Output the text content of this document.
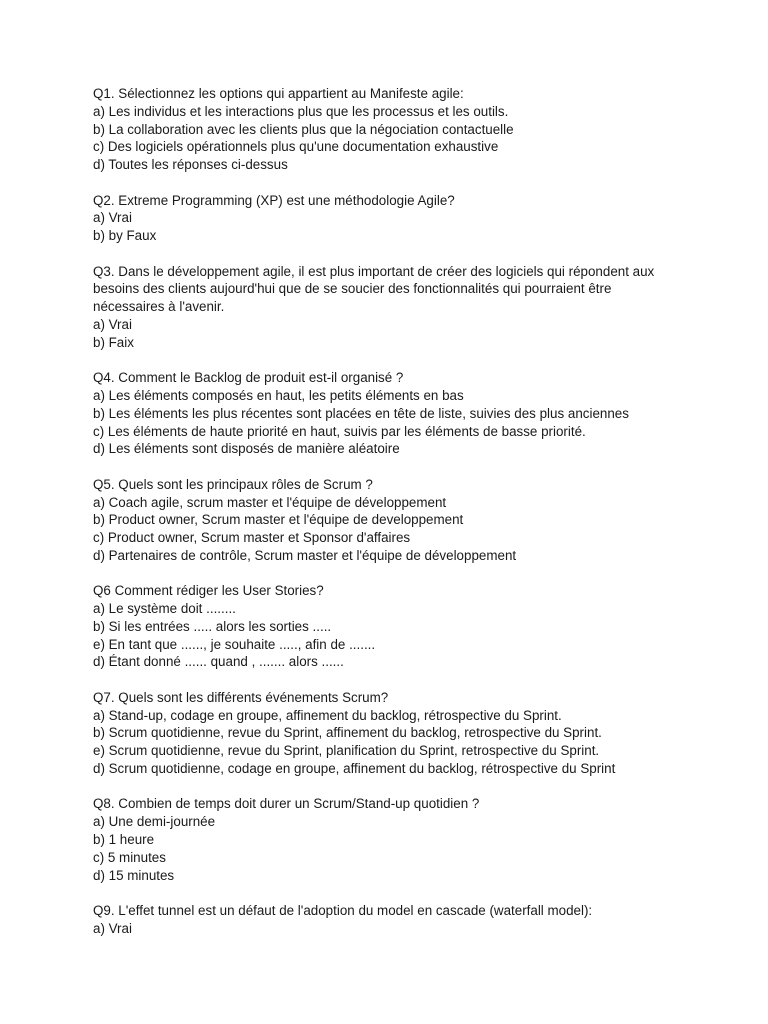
Q1. Sélectionnez les options qui appartient au Manifeste agile:
a) Les individus et les interactions plus que les processus et les outils.
b) La collaboration avec les clients plus que la négociation contactuelle
c) Des logiciels opérationnels plus qu'une documentation exhaustive
d) Toutes les réponses ci-dessus
Q2. Extreme Programming (XP) est une méthodologie Agile?
a) Vrai
b) by Faux
Q3. Dans le développement agile, il est plus important de créer des logiciels qui répondent aux besoins des clients aujourd'hui que de se soucier des fonctionnalités qui pourraient être nécessaires à l'avenir.
a) Vrai
b) Faix
Q4. Comment le Backlog de produit est-il organisé ?
a) Les éléments composés en haut, les petits éléments en bas
b) Les éléments les plus récentes sont placées en tête de liste, suivies des plus anciennes
c) Les éléments de haute priorité en haut, suivis par les éléments de basse priorité.
d) Les éléments sont disposés de manière aléatoire
Q5. Quels sont les principaux rôles de Scrum ?
a) Coach agile, scrum master et l'équipe de développement
b) Product owner, Scrum master et l'équipe de developpement
c) Product owner, Scrum master et Sponsor d'affaires
d) Partenaires de contrôle, Scrum master et l'équipe de développement
Q6 Comment rédiger les User Stories?
a) Le système doit ........
b) Si les entrées ..... alors les sorties .....
e) En tant que ......, je souhaite ....., afin de .......
d) Étant donné ...... quand , ....... alors ......
Q7. Quels sont les différents événements Scrum?
a) Stand-up, codage en groupe, affinement du backlog, rétrospective du Sprint.
b) Scrum quotidienne, revue du Sprint, affinement du backlog, retrospective du Sprint.
e) Scrum quotidienne, revue du Sprint, planification du Sprint, retrospective du Sprint.
d) Scrum quotidienne, codage en groupe, affinement du backlog, rétrospective du Sprint
Q8. Combien de temps doit durer un Scrum/Stand-up quotidien ?
a) Une demi-journée
b) 1 heure
c) 5 minutes
d) 15 minutes
Q9. L'effet tunnel est un défaut de l'adoption du model en cascade (waterfall model):
a) Vrai
